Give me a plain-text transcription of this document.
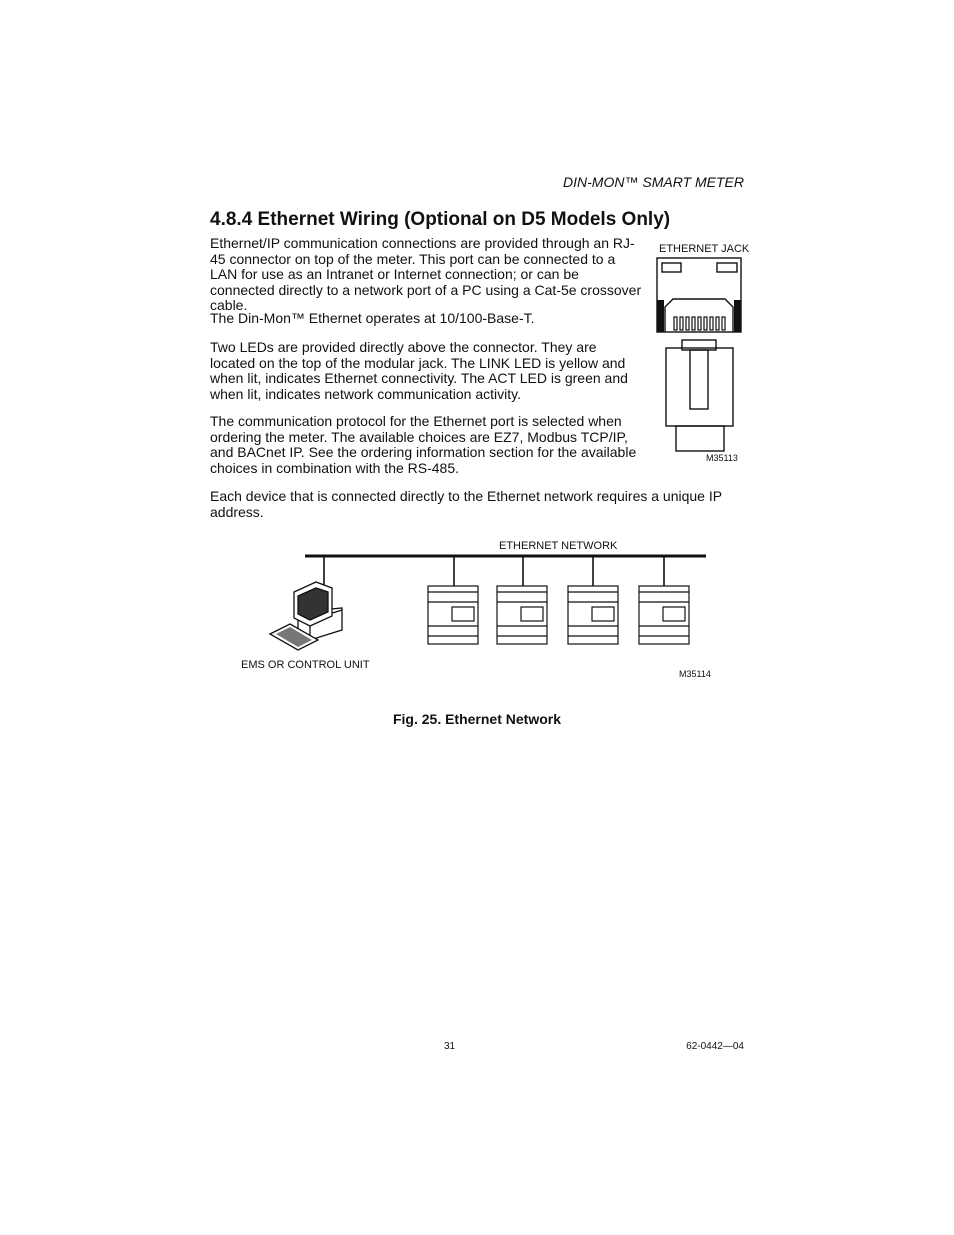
DIN-MON™ SMART METER
4.8.4 Ethernet Wiring (Optional on D5 Models Only)

Ethernet/IP communication connections are provided through an RJ-45 connector on top of the meter. This port can be connected to a LAN for use as an Intranet or Internet connection; or can be connected directly to a network port of a PC using a Cat-5e crossover cable.

The Din-Mon™ Ethernet operates at 10/100-Base-T.

Two LEDs are provided directly above the connector. They are located on the top of the modular jack. The LINK LED is yellow and when lit, indicates Ethernet connectivity. The ACT LED is green and when lit, indicates network communication activity.

The communication protocol for the Ethernet port is selected when ordering the meter. The available choices are EZ7, Modbus TCP/IP, and BACnet IP. See the ordering information section for the available choices in combination with the RS-485.

Each device that is connected directly to the Ethernet network requires a unique IP address.

ETHERNET JACK
M35113
ETHERNET NETWORK
EMS OR CONTROL UNIT
M35114
Fig. 25. Ethernet Network
31	62-0442—04
